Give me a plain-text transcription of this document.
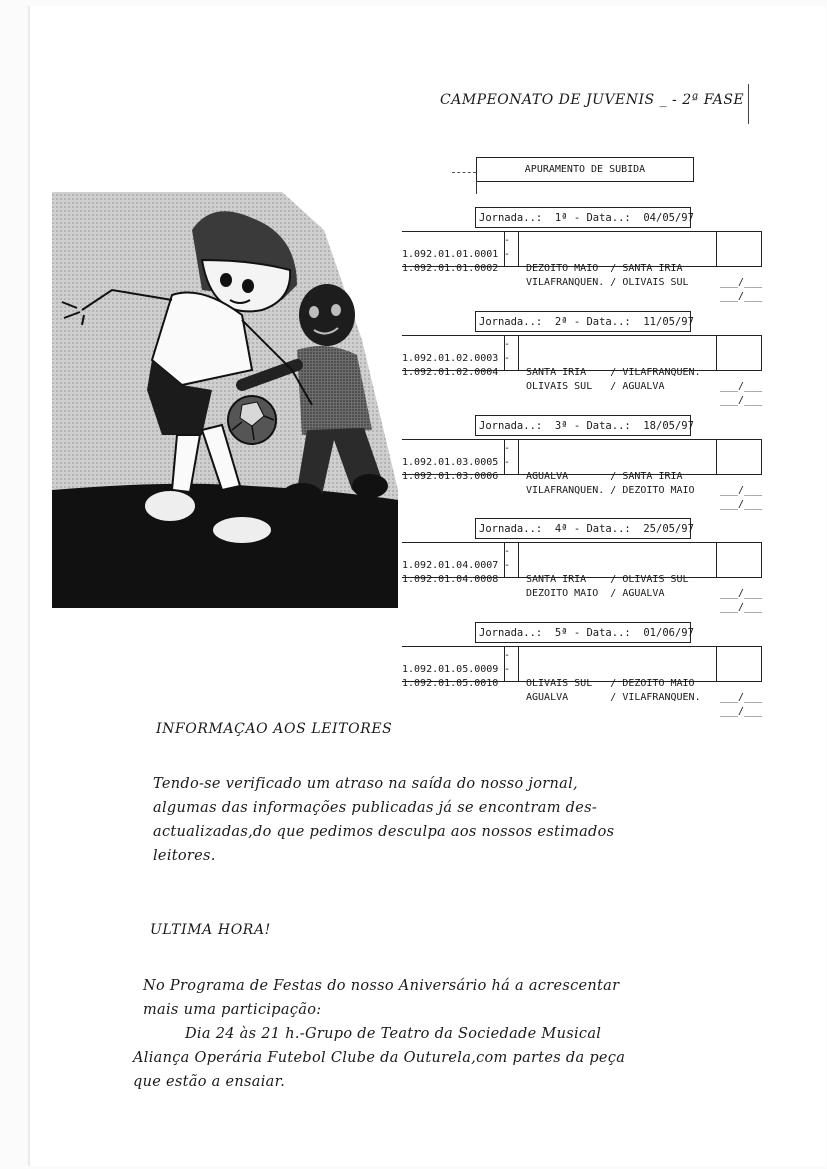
CAMPEONATO DE JUVENIS _ - 2ª FASE
APURAMENTO DE SUBIDA
Jornada..:  1ª - Data..:  04/05/97

1.092.01.01.0001
-

DEZOITO MAIO  / SANTA IRIA

___/___

1.092.01.01.0002
-

VILAFRANQUEN. / OLIVAIS SUL

___/___

Jornada..:  2ª - Data..:  11/05/97

1.092.01.02.0003
-

SANTA IRIA    / VILAFRANQUEN.

___/___

1.092.01.02.0004
-

OLIVAIS SUL   / AGUALVA

___/___

Jornada..:  3ª - Data..:  18/05/97

1.092.01.03.0005
-

AGUALVA       / SANTA IRIA

___/___

1.092.01.03.0006
-

VILAFRANQUEN. / DEZOITO MAIO

___/___

Jornada..:  4ª - Data..:  25/05/97

1.092.01.04.0007
-

SANTA IRIA    / OLIVAIS SUL

___/___

1.092.01.04.0008
-

DEZOITO MAIO  / AGUALVA

___/___

Jornada..:  5ª - Data..:  01/06/97

1.092.01.05.0009
-

OLIVAIS SUL   / DEZOITO MAIO

___/___

1.092.01.05.0010
-

AGUALVA       / VILAFRANQUEN.

___/___

INFORMAÇAO AOS LEITORES
Tendo-se verificado um atraso na saída do nosso jornal,
algumas das informações publicadas já se encontram des-
actualizadas,do que pedimos desculpa aos nossos estimados
leitores.
ULTIMA HORA!
No Programa de Festas do nosso Aniversário há a acrescentar
mais uma participação:
Dia 24 às 21 h.-Grupo de Teatro da Sociedade Musical
Aliança Operária Futebol Clube da Outurela,com partes da peça
que estão a ensaiar.
